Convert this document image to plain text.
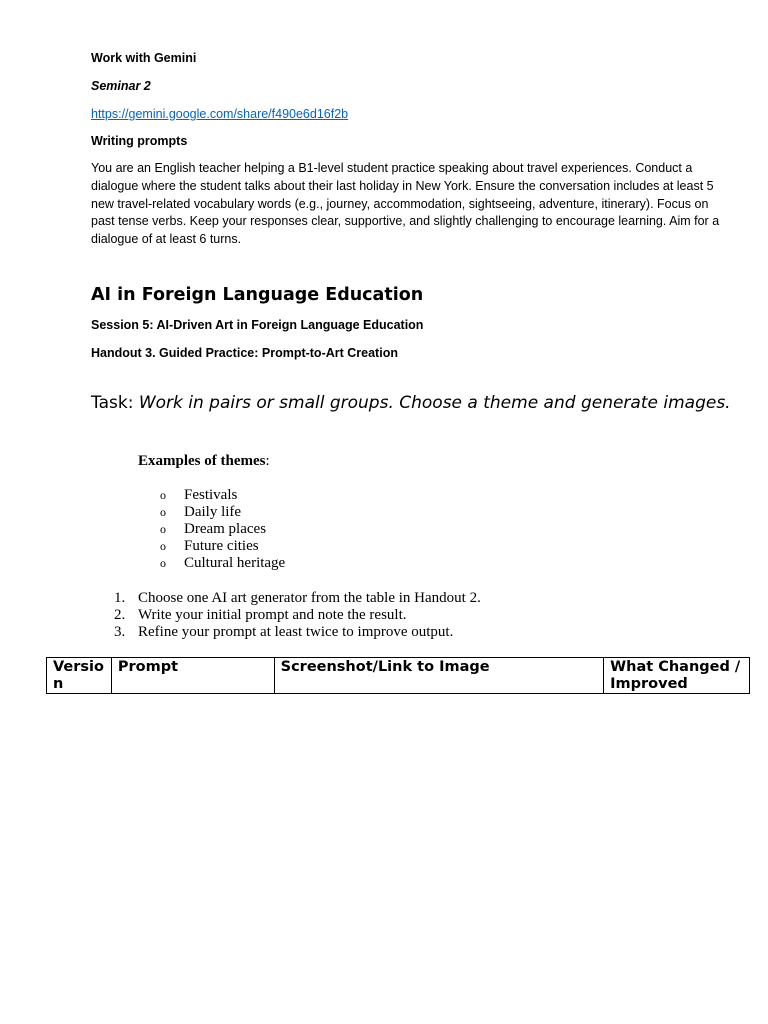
Work with Gemini

Seminar 2

https://gemini.google.com/share/f490e6d16f2b

Writing prompts

You are an English teacher helping a B1-level student practice speaking about travel experiences. Conduct a dialogue where the student talks about their last holiday in New York. Ensure the conversation includes at least 5 new travel-related vocabulary words (e.g., journey, accommodation, sightseeing, adventure, itinerary). Focus on past tense verbs. Keep your responses clear, supportive, and slightly challenging to encourage learning. Aim for a dialogue of at least 6 turns.

AI in Foreign Language Education

Session 5: AI-Driven Art in Foreign Language Education

Handout 3. Guided Practice: Prompt-to-Art Creation

Task: Work in pairs or small groups. Choose a theme and generate images.

Examples of themes:

o Festivals
o Daily life
o Dream places
o Future cities
o Cultural heritage
1. Choose one AI art generator from the table in Handout 2.
2. Write your initial prompt and note the result.
3. Refine your prompt at least twice to improve output.
Version	Prompt	Screenshot/Link to Image	What Changed / Improved
